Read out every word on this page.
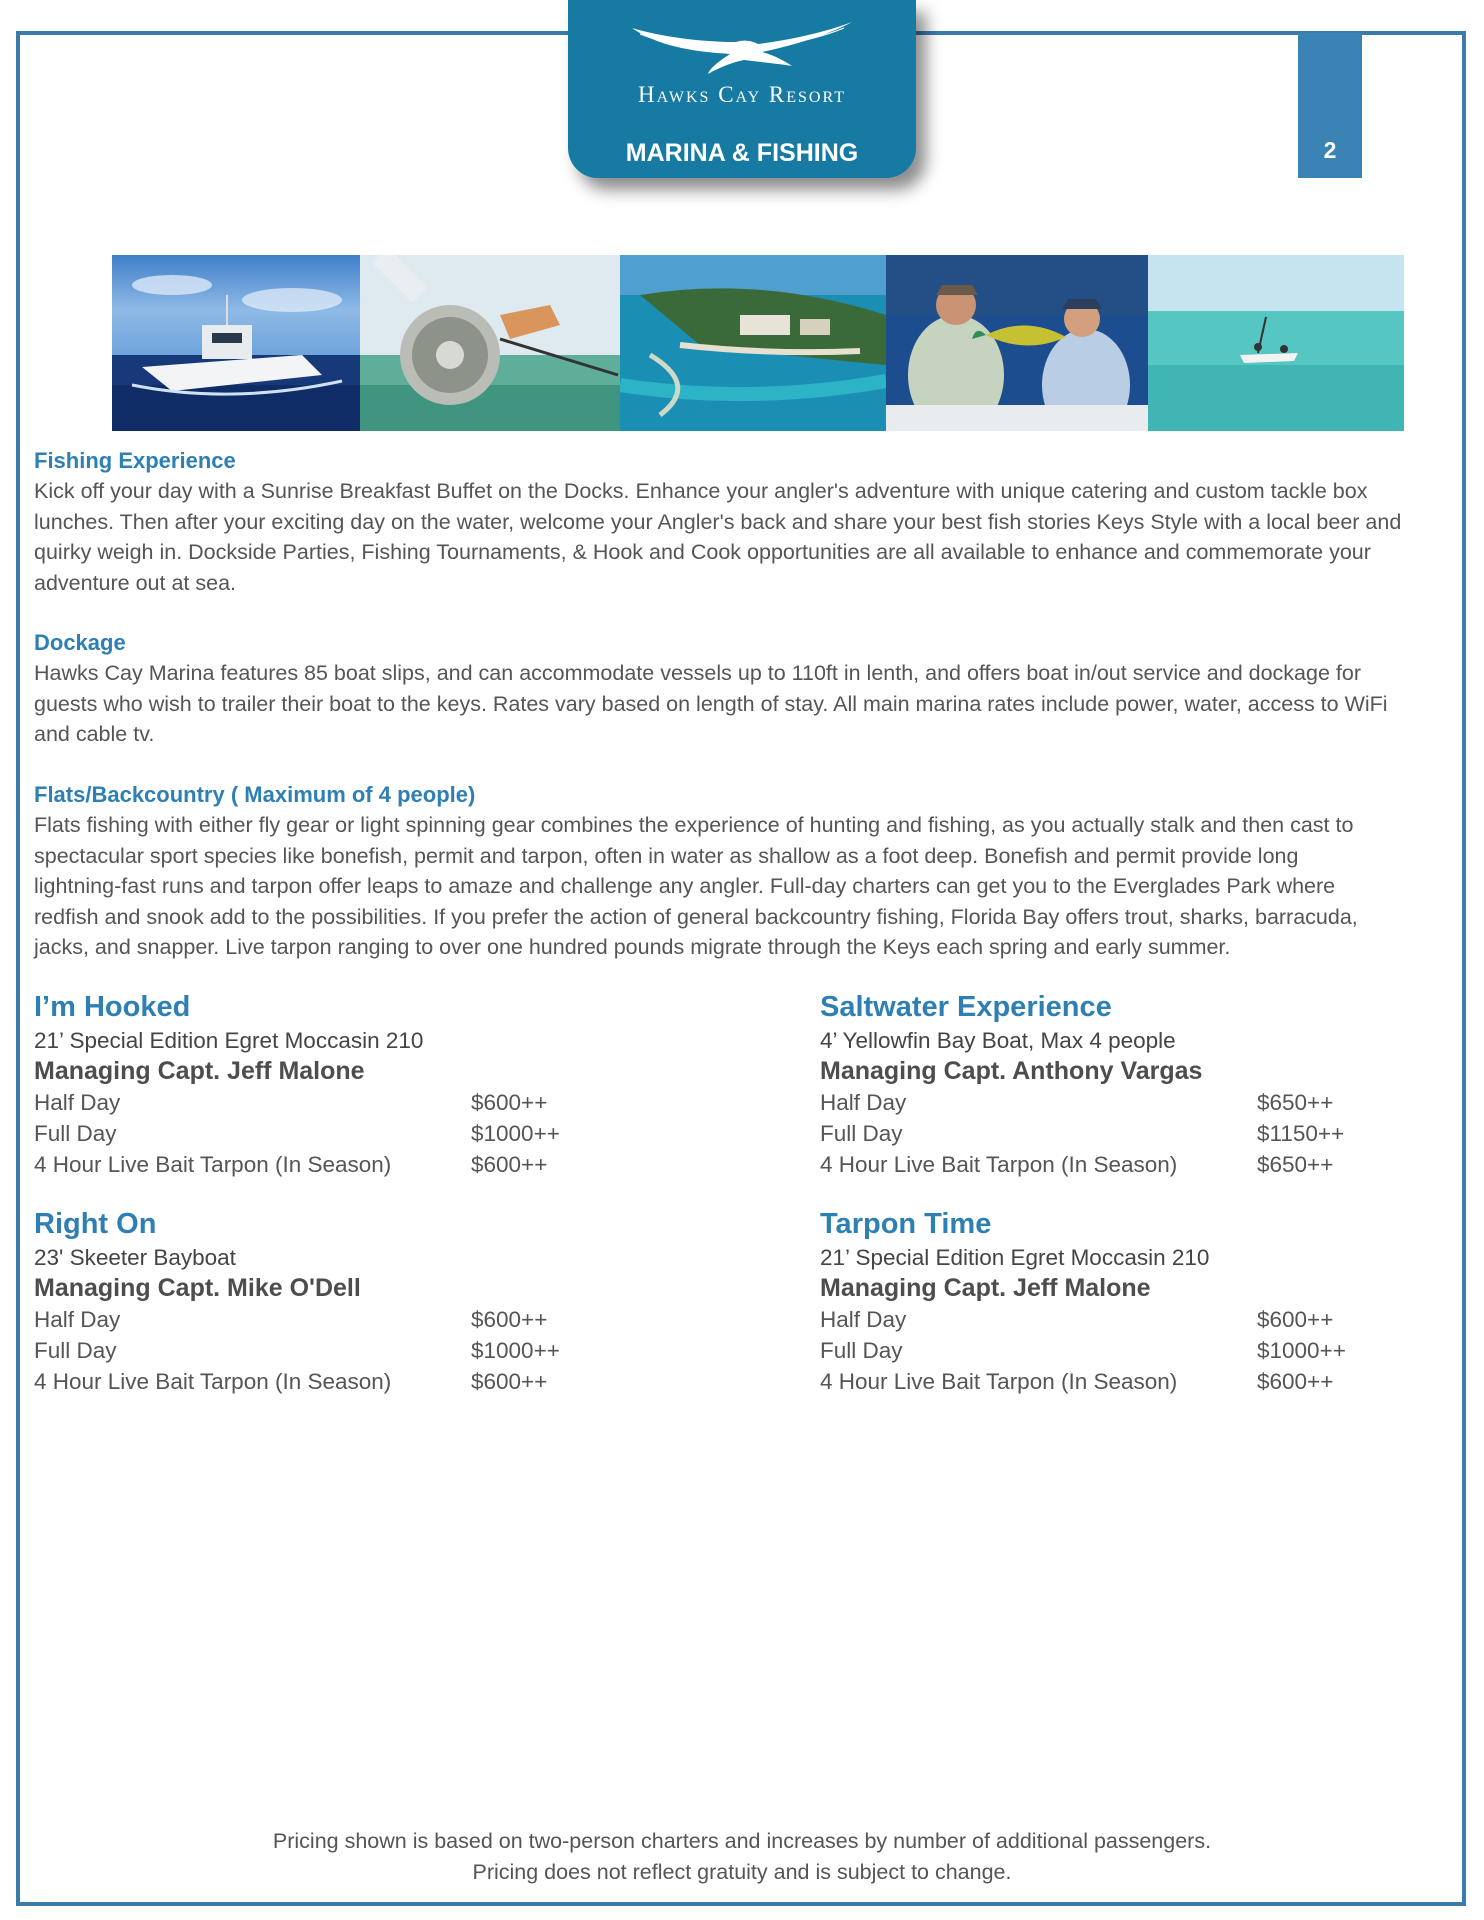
Hawks Cay Resort
MARINA & FISHING	2
Fishing Experience

Kick off your day with a Sunrise Breakfast Buffet on the Docks. Enhance your angler's adventure with unique catering and custom tackle box
lunches. Then after your exciting day on the water, welcome your Angler's back and share your best fish stories Keys Style with a local beer and
quirky weigh in. Dockside Parties, Fishing Tournaments, & Hook and Cook opportunities are all available to enhance and commemorate your
adventure out at sea.

Dockage

Hawks Cay Marina features 85 boat slips, and can accommodate vessels up to 110ft in lenth, and offers boat in/out service and dockage for
guests who wish to trailer their boat to the keys. Rates vary based on length of stay. All main marina rates include power, water, access to WiFi
and cable tv.

Flats/Backcountry ( Maximum of 4 people)

Flats fishing with either fly gear or light spinning gear combines the experience of hunting and fishing, as you actually stalk and then cast to
spectacular sport species like bonefish, permit and tarpon, often in water as shallow as a foot deep. Bonefish and permit provide long
lightning-fast runs and tarpon offer leaps to amaze and challenge any angler. Full-day charters can get you to the Everglades Park where
redfish and snook add to the possibilities. If you prefer the action of general backcountry fishing, Florida Bay offers trout, sharks, barracuda,
jacks, and snapper. Live tarpon ranging to over one hundred pounds migrate through the Keys each spring and early summer.

I’m Hooked
21’ Special Edition Egret Moccasin 210
Managing Capt. Jeff Malone
Half Day	$600++
Full Day	$1000++
4 Hour Live Bait Tarpon (In Season)	$600++
Saltwater Experience
4’ Yellowfin Bay Boat, Max 4 people
Managing Capt. Anthony Vargas
Half Day	$650++
Full Day	$1150++
4 Hour Live Bait Tarpon (In Season)	$650++
Right On
23' Skeeter Bayboat
Managing Capt. Mike O'Dell
Half Day	$600++
Full Day	$1000++
4 Hour Live Bait Tarpon (In Season)	$600++
Tarpon Time
21’ Special Edition Egret Moccasin 210
Managing Capt. Jeff Malone
Half Day	$600++
Full Day	$1000++
4 Hour Live Bait Tarpon (In Season)	$600++
Pricing shown is based on two-person charters and increases by number of additional passengers.
Pricing does not reflect gratuity and is subject to change.
